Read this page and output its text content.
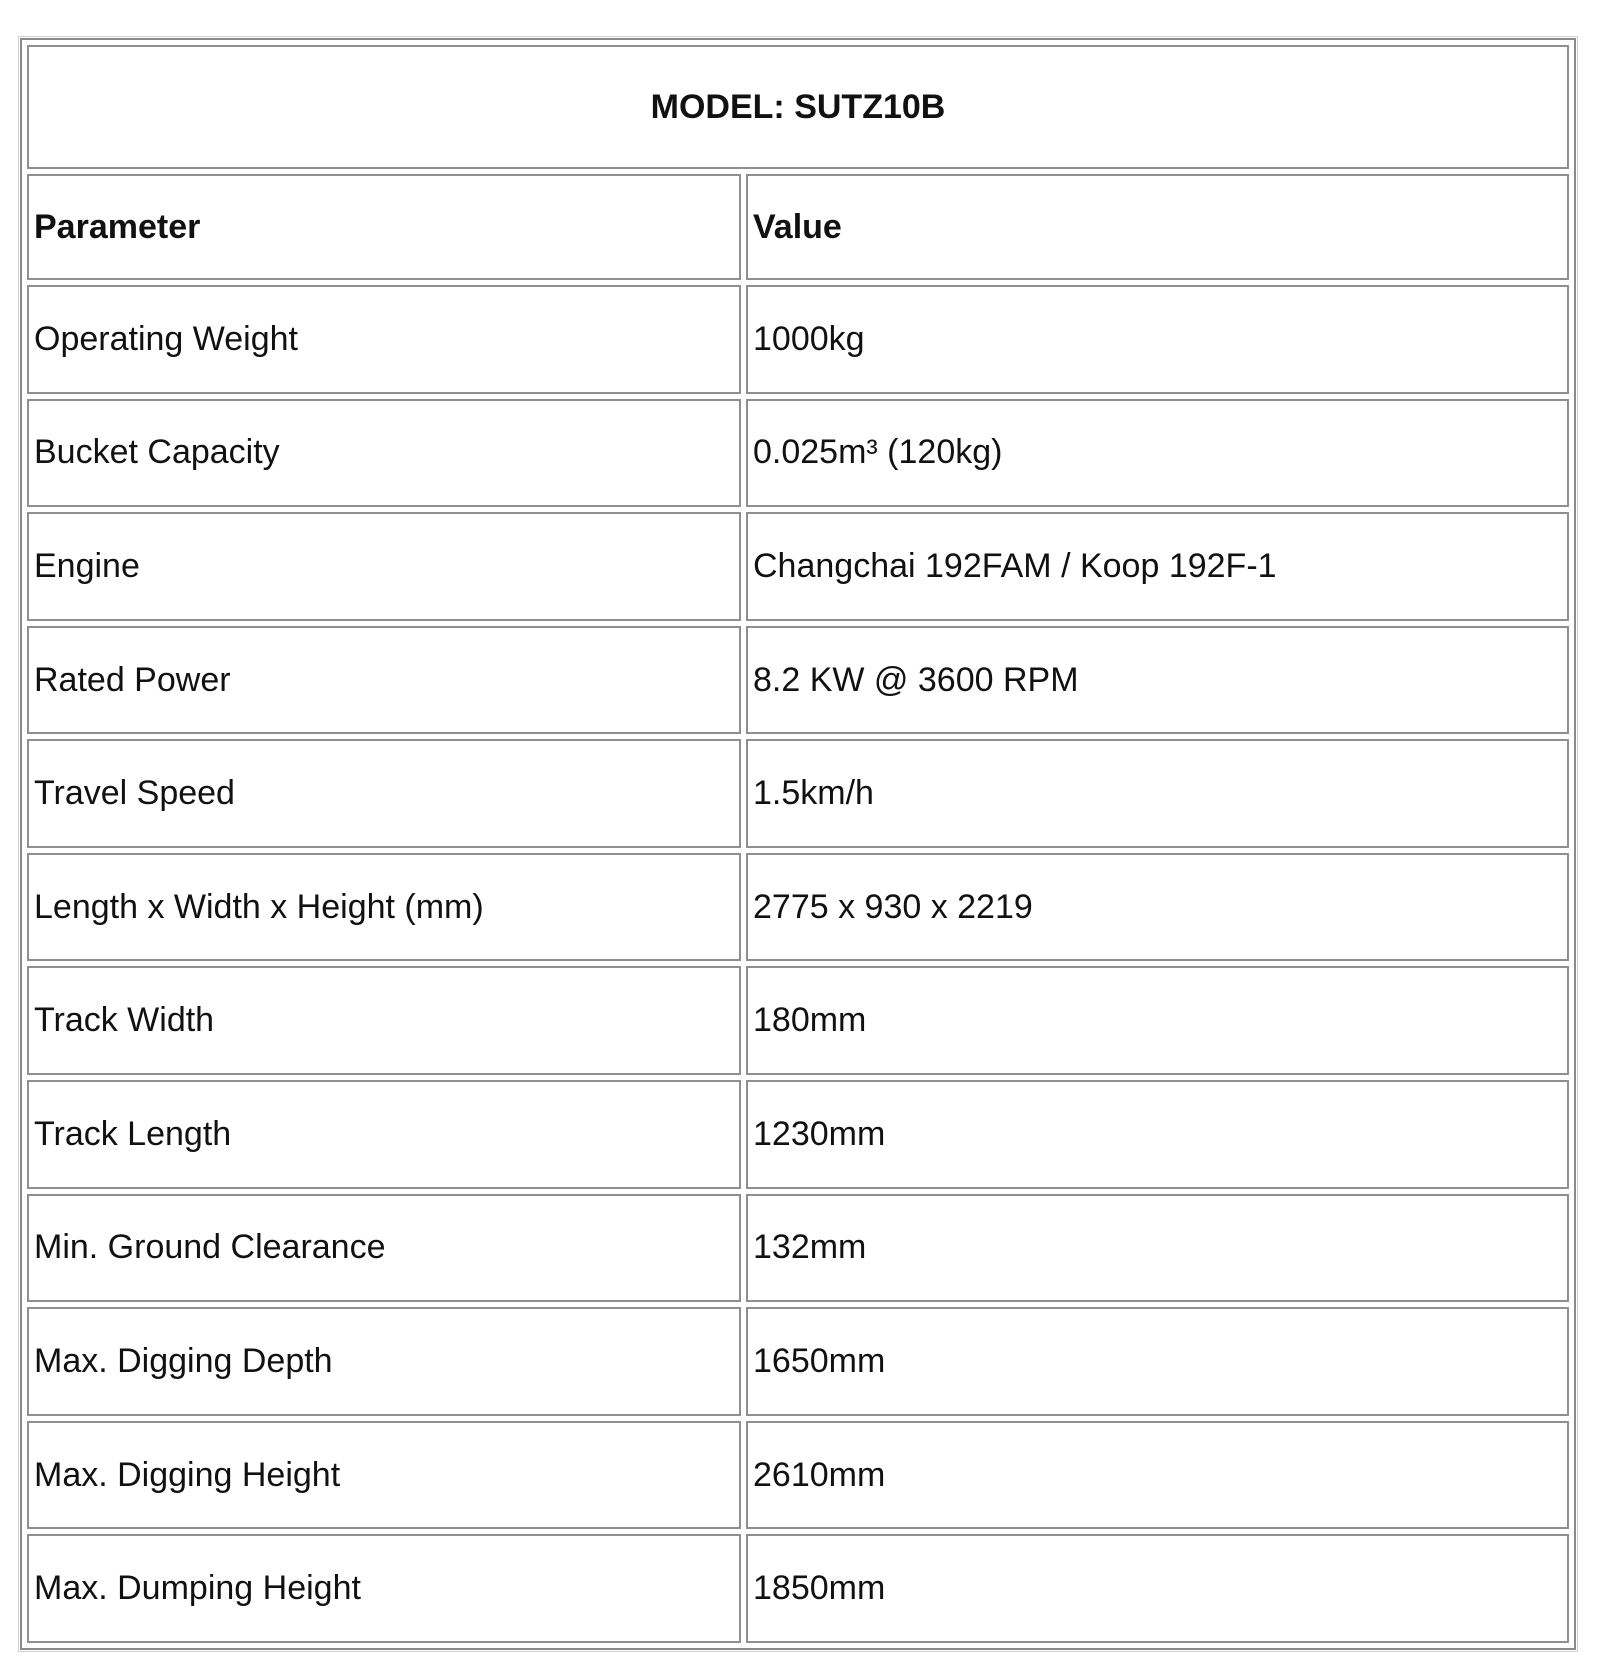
MODEL: SUTZ10B	
Parameter	Value
Operating Weight	1000kg
Bucket Capacity	0.025m³ (120kg)
Engine	Changchai 192FAM / Koop 192F-1
Rated Power	8.2 KW @ 3600 RPM
Travel Speed	1.5km/h
Length x Width x Height (mm)	2775 x 930 x 2219
Track Width	180mm
Track Length	1230mm
Min. Ground Clearance	132mm
Max. Digging Depth	1650mm
Max. Digging Height	2610mm
Max. Dumping Height	1850mm
